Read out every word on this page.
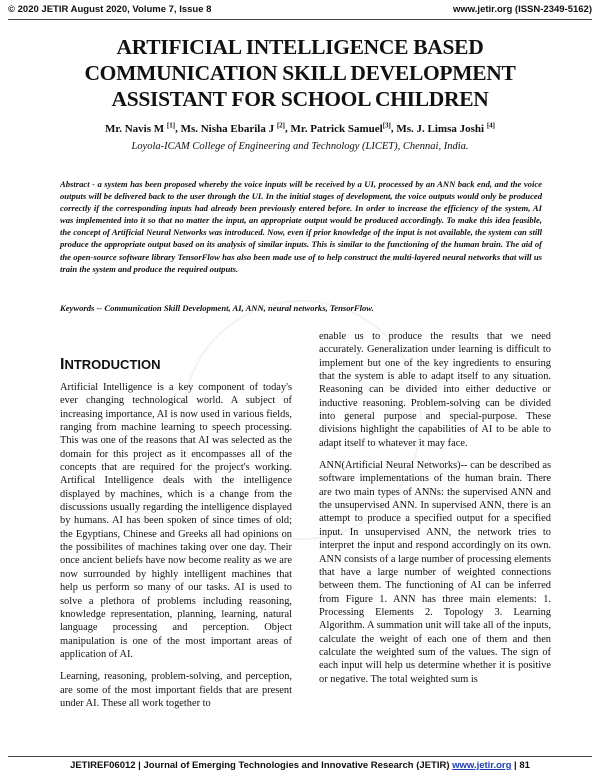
© 2020 JETIR August 2020, Volume 7, Issue 8	www.jetir.org (ISSN-2349-5162)
ARTIFICIAL INTELLIGENCE BASED
COMMUNICATION SKILL DEVELOPMENT
ASSISTANT FOR SCHOOL CHILDREN
Mr. Navis M [1], Ms. Nisha Ebarila J [2], Mr. Patrick Samuel[3], Ms. J. Limsa Joshi [4]
Loyola-ICAM College of Engineering and Technology (LICET), Chennai, India.
Abstract - a system has been proposed whereby the voice inputs will be received by a UI, processed by an ANN back end, and the voice outputs will be delivered back to the user through the UI. In the initial stages of development, the voice outputs would only be produced correctly if the corresponding inputs had already been previously entered before. In order to increase the efficiency of the system, AI was implemented into it so that no matter the input, an appropriate output would be produced accordingly. To make this idea feasible, the concept of Artificial Neural Networks was introduced. Now, even if prior knowledge of the input is not available, the system can still produce the appropriate output based on its analysis of similar inputs. This is similar to the functioning of the human brain. The aid of the open-source software library TensorFlow has also been made use of to help construct the multi-layered neural networks that will us train the system and produce the required outputs.
Keywords -- Communication Skill Development, AI, ANN, neural networks, TensorFlow.
INTRODUCTION

Artificial Intelligence is a key component of today's ever changing technological world. A subject of increasing importance, AI is now used in various fields, ranging from machine learning to speech processing. This was one of the reasons that AI was selected as the domain for this project as it encompasses all of the concepts that are required for the project's working. Artifical Intelligence deals with the intelligence displayed by machines, which is a change from the discussions usually regarding the intelligence displayed by humans. AI has been spoken of since times of old; the Egyptians, Chinese and Greeks all had opinions on the possibilites of machines taking over one day. Their once ancient beliefs have now become reality as we are now surrounded by highly intelligent machines that help us perform so many of our tasks. AI is used to solve a plethora of problems including reasoning, knowledge representation, planning, learning, natural language processing and perception. Object manipulation is one of the most important areas of application of AI.

Learning, reasoning, problem-solving, and perception, are some of the most important fields that are present under AI. These all work together to

enable us to produce the results that we need accurately. Generalization under learning is difficult to implement but one of the key ingredients to ensuring that the system is able to adapt itself to any situation. Reasoning can be divided into either deductive or inductive reasoning. Problem-solving can be divided into general purpose and special-purpose. These divisions highlight the capabilities of AI to be able to adapt itself to whatever it may face.

ANN(Artificial Neural Networks)-- can be described as software implementations of the human brain. There are two main types of ANNs: the supervised ANN and the unsupervised ANN. In supervised ANN, there is an attempt to produce a specified output for a specified input. In unsupervised ANN, the network tries to interpret the input and respond accordingly on its own. ANN consists of a large number of processing elements that have a large number of weighted connections between them. The functioning of AI can be inferred from Figure 1. ANN has three main elements: 1. Processing Elements 2. Topology 3. Learning Algorithm. A summation unit will take all of the inputs, calculate the weight of each one of them and then calculate the weighted sum of the values. The sign of each input will help us determine whether it is positive or negative. The total weighted sum is

JETIREF06012 | Journal of Emerging Technologies and Innovative Research (JETIR) www.jetir.org | 81
